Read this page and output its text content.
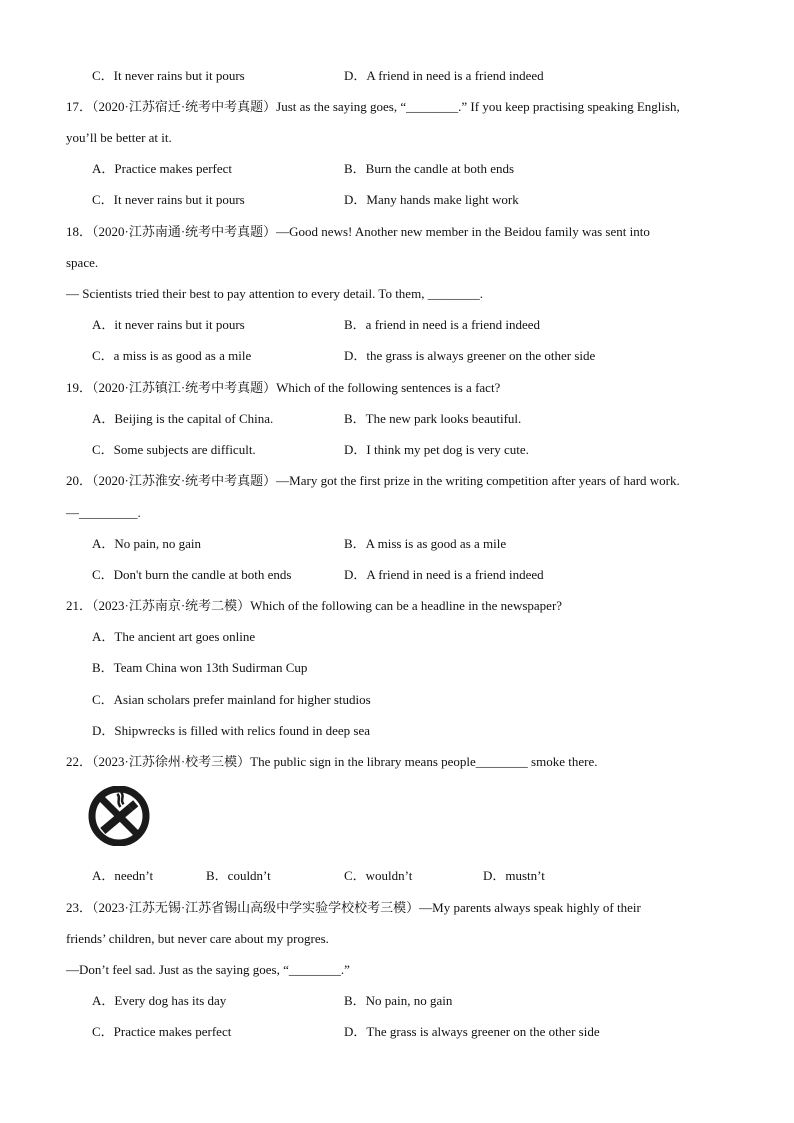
C．It never rains but it pours	D．A friend in need is a friend indeed
17．（2020·江苏宿迁·统考中考真题）Just as the saying goes, “________.” If you keep practising speaking English,
you’ll be better at it.
A．Practice makes perfect	B．Burn the candle at both ends
C．It never rains but it pours	D．Many hands make light work
18．（2020·江苏南通·统考中考真题）—Good news! Another new member in the Beidou family was sent into
space.
— Scientists tried their best to pay attention to every detail. To them, ________.
A．it never rains but it pours	B．a friend in need is a friend indeed
C．a miss is as good as a mile	D．the grass is always greener on the other side
19．（2020·江苏镇江·统考中考真题）Which of the following sentences is a fact?
A．Beijing is the capital of China.	B．The new park looks beautiful.
C．Some subjects are difficult.	D．I think my pet dog is very cute.
20．（2020·江苏淮安·统考中考真题）—Mary got the first prize in the writing competition after years of hard work.
—_________.
A．No pain, no gain	B．A miss is as good as a mile
C．Don't burn the candle at both ends	D．A friend in need is a friend indeed
21．（2023·江苏南京·统考二模）Which of the following can be a headline in the newspaper?
A．The ancient art goes online
B．Team China won 13th Sudirman Cup
C．Asian scholars prefer mainland for higher studios
D．Shipwrecks is filled with relics found in deep sea
22．（2023·江苏徐州·校考三模）The public sign in the library means people________ smoke there.
A．needn’t	B．couldn’t	C．wouldn’t	D．mustn’t
23．（2023·江苏无锡·江苏省锡山高级中学实验学校校考三模）—My parents always speak highly of their
friends’ children, but never care about my progres.
—Don’t feel sad. Just as the saying goes, “________.”
A．Every dog has its day	B．No pain, no gain
C．Practice makes perfect	D．The grass is always greener on the other side
